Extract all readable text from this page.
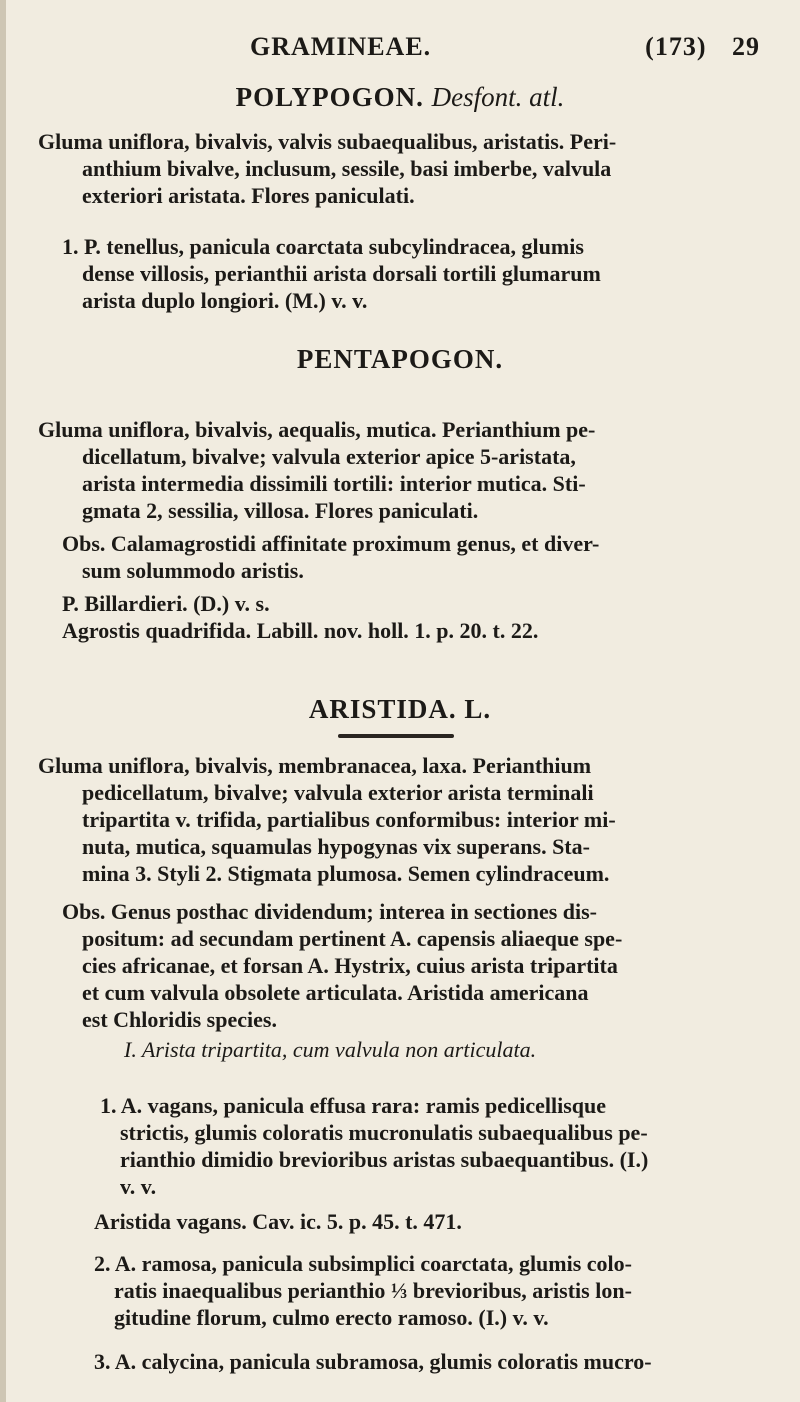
GRAMINEAE.	(173) 29
POLYPOGON. Desfont. atl.
Gluma uniflora, bivalvis, valvis subaequalibus, aristatis. Peri-
anthium bivalve, inclusum, sessile, basi imberbe, valvula
exteriori aristata. Flores paniculati.
1. P. tenellus, panicula coarctata subcylindracea, glumis
dense villosis, perianthii arista dorsali tortili glumarum
arista duplo longiori. (M.) v. v.
PENTAPOGON.
Gluma uniflora, bivalvis, aequalis, mutica. Perianthium pe-
dicellatum, bivalve; valvula exterior apice 5-aristata,
arista intermedia dissimili tortili: interior mutica. Sti-
gmata 2, sessilia, villosa. Flores paniculati.
Obs. Calamagrostidi affinitate proximum genus, et diver-
sum solummodo aristis.
P. Billardieri. (D.) v. s.
Agrostis quadrifida. Labill. nov. holl. 1. p. 20. t. 22.
ARISTIDA. L.
Gluma uniflora, bivalvis, membranacea, laxa. Perianthium
pedicellatum, bivalve; valvula exterior arista terminali
tripartita v. trifida, partialibus conformibus: interior mi-
nuta, mutica, squamulas hypogynas vix superans. Sta-
mina 3. Styli 2. Stigmata plumosa. Semen cylindraceum.
Obs. Genus posthac dividendum; interea in sectiones dis-
positum: ad secundam pertinent A. capensis aliaeque spe-
cies africanae, et forsan A. Hystrix, cuius arista tripartita
et cum valvula obsolete articulata. Aristida americana
est Chloridis species.
I. Arista tripartita, cum valvula non articulata.
1. A. vagans, panicula effusa rara: ramis pedicellisque
strictis, glumis coloratis mucronulatis subaequalibus pe-
rianthio dimidio brevioribus aristas subaequantibus. (I.)
v. v.
Aristida vagans. Cav. ic. 5. p. 45. t. 471.
2. A. ramosa, panicula subsimplici coarctata, glumis colo-
ratis inaequalibus perianthio ⅓ brevioribus, aristis lon-
gitudine florum, culmo erecto ramoso. (I.) v. v.
3. A. calycina, panicula subramosa, glumis coloratis mucro-
